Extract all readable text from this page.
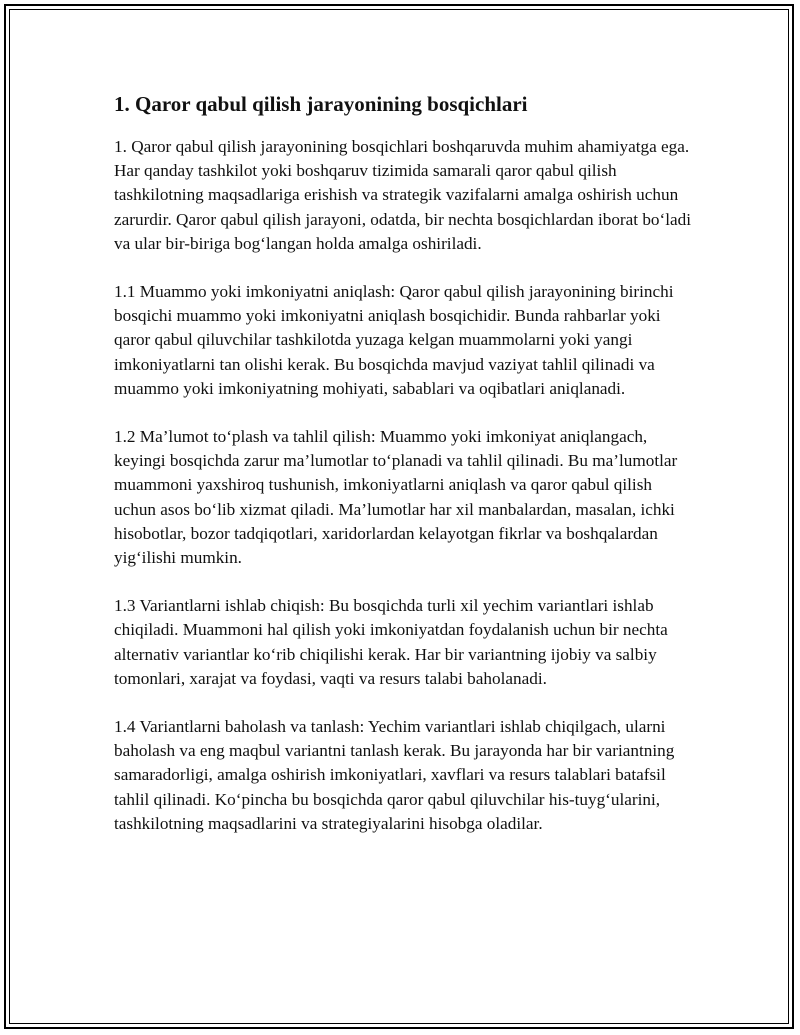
1. Qaror qabul qilish jarayonining bosqichlari

1. Qaror qabul qilish jarayonining bosqichlari boshqaruvda muhim ahamiyatga ega. Har qanday tashkilot yoki boshqaruv tizimida samarali qaror qabul qilish tashkilotning maqsadlariga erishish va strategik vazifalarni amalga oshirish uchun zarurdir. Qaror qabul qilish jarayoni, odatda, bir nechta bosqichlardan iborat bo‘ladi va ular bir-biriga bog‘langan holda amalga oshiriladi.

1.1 Muammo yoki imkoniyatni aniqlash: Qaror qabul qilish jarayonining birinchi bosqichi muammo yoki imkoniyatni aniqlash bosqichidir. Bunda rahbarlar yoki qaror qabul qiluvchilar tashkilotda yuzaga kelgan muammolarni yoki yangi imkoniyatlarni tan olishi kerak. Bu bosqichda mavjud vaziyat tahlil qilinadi va muammo yoki imkoniyatning mohiyati, sabablari va oqibatlari aniqlanadi.

1.2 Ma’lumot to‘plash va tahlil qilish: Muammo yoki imkoniyat aniqlangach, keyingi bosqichda zarur ma’lumotlar to‘planadi va tahlil qilinadi. Bu ma’lumotlar muammoni yaxshiroq tushunish, imkoniyatlarni aniqlash va qaror qabul qilish uchun asos bo‘lib xizmat qiladi. Ma’lumotlar har xil manbalardan, masalan, ichki hisobotlar, bozor tadqiqotlari, xaridorlardan kelayotgan fikrlar va boshqalardan yig‘ilishi mumkin.

1.3 Variantlarni ishlab chiqish: Bu bosqichda turli xil yechim variantlari ishlab chiqiladi. Muammoni hal qilish yoki imkoniyatdan foydalanish uchun bir nechta alternativ variantlar ko‘rib chiqilishi kerak. Har bir variantning ijobiy va salbiy tomonlari, xarajat va foydasi, vaqti va resurs talabi baholanadi.

1.4 Variantlarni baholash va tanlash: Yechim variantlari ishlab chiqilgach, ularni baholash va eng maqbul variantni tanlash kerak. Bu jarayonda har bir variantning samaradorligi, amalga oshirish imkoniyatlari, xavflari va resurs talablari batafsil tahlil qilinadi. Ko‘pincha bu bosqichda qaror qabul qiluvchilar his-tuyg‘ularini, tashkilotning maqsadlarini va strategiyalarini hisobga oladilar.
